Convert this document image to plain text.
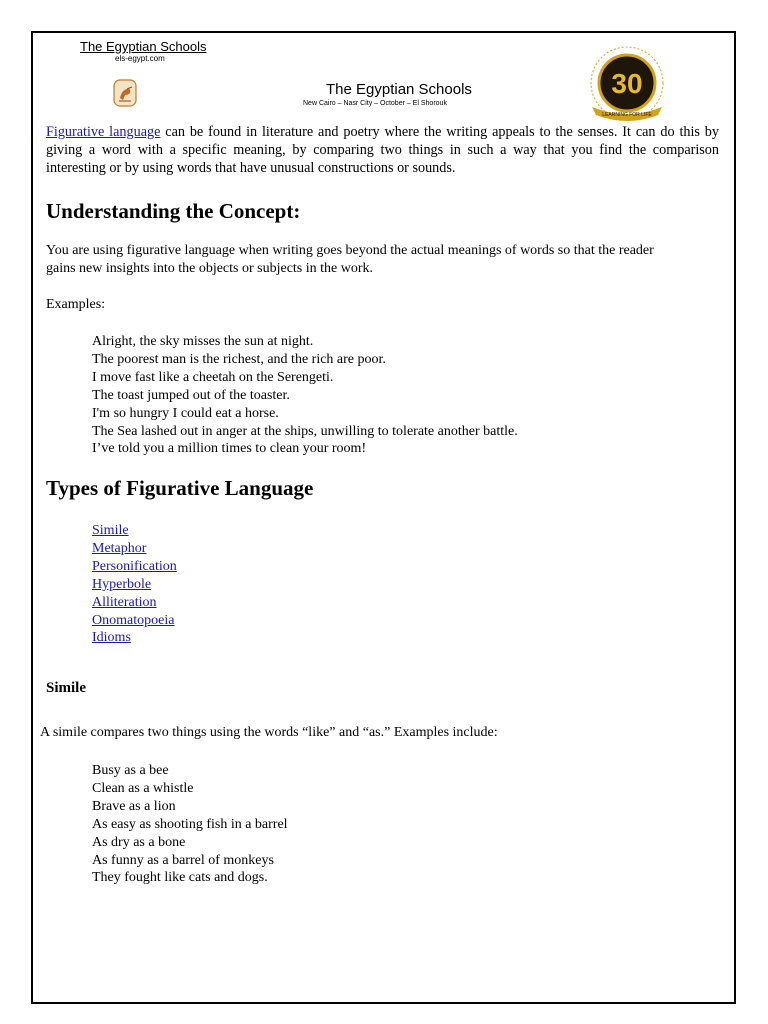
The Egyptian Schools
els-egypt.com
The Egyptian Schools
New Cairo – Nasr City – October – El Shorouk
30
LEARNING FOR LIFE

Figurative language can be found in literature and poetry where the writing appeals to the senses. It can do this by giving a word with a specific meaning, by comparing two things in such a way that you find the comparison interesting or by using words that have unusual constructions or sounds.

Understanding the Concept:

You are using figurative language when writing goes beyond the actual meanings of words so that the reader gains new insights into the objects or subjects in the work.

Examples:

Alright, the sky misses the sun at night.
The poorest man is the richest, and the rich are poor.
I move fast like a cheetah on the Serengeti.
The toast jumped out of the toaster.
I'm so hungry I could eat a horse.
The Sea lashed out in anger at the ships, unwilling to tolerate another battle.
I’ve told you a million times to clean your room!
Types of Figurative Language
Simile
Metaphor
Personification
Hyperbole
Alliteration
Onomatopoeia
Idioms
Simile

A simile compares two things using the words “like” and “as.” Examples include:

Busy as a bee
Clean as a whistle
Brave as a lion
As easy as shooting fish in a barrel
As dry as a bone
As funny as a barrel of monkeys
They fought like cats and dogs.
